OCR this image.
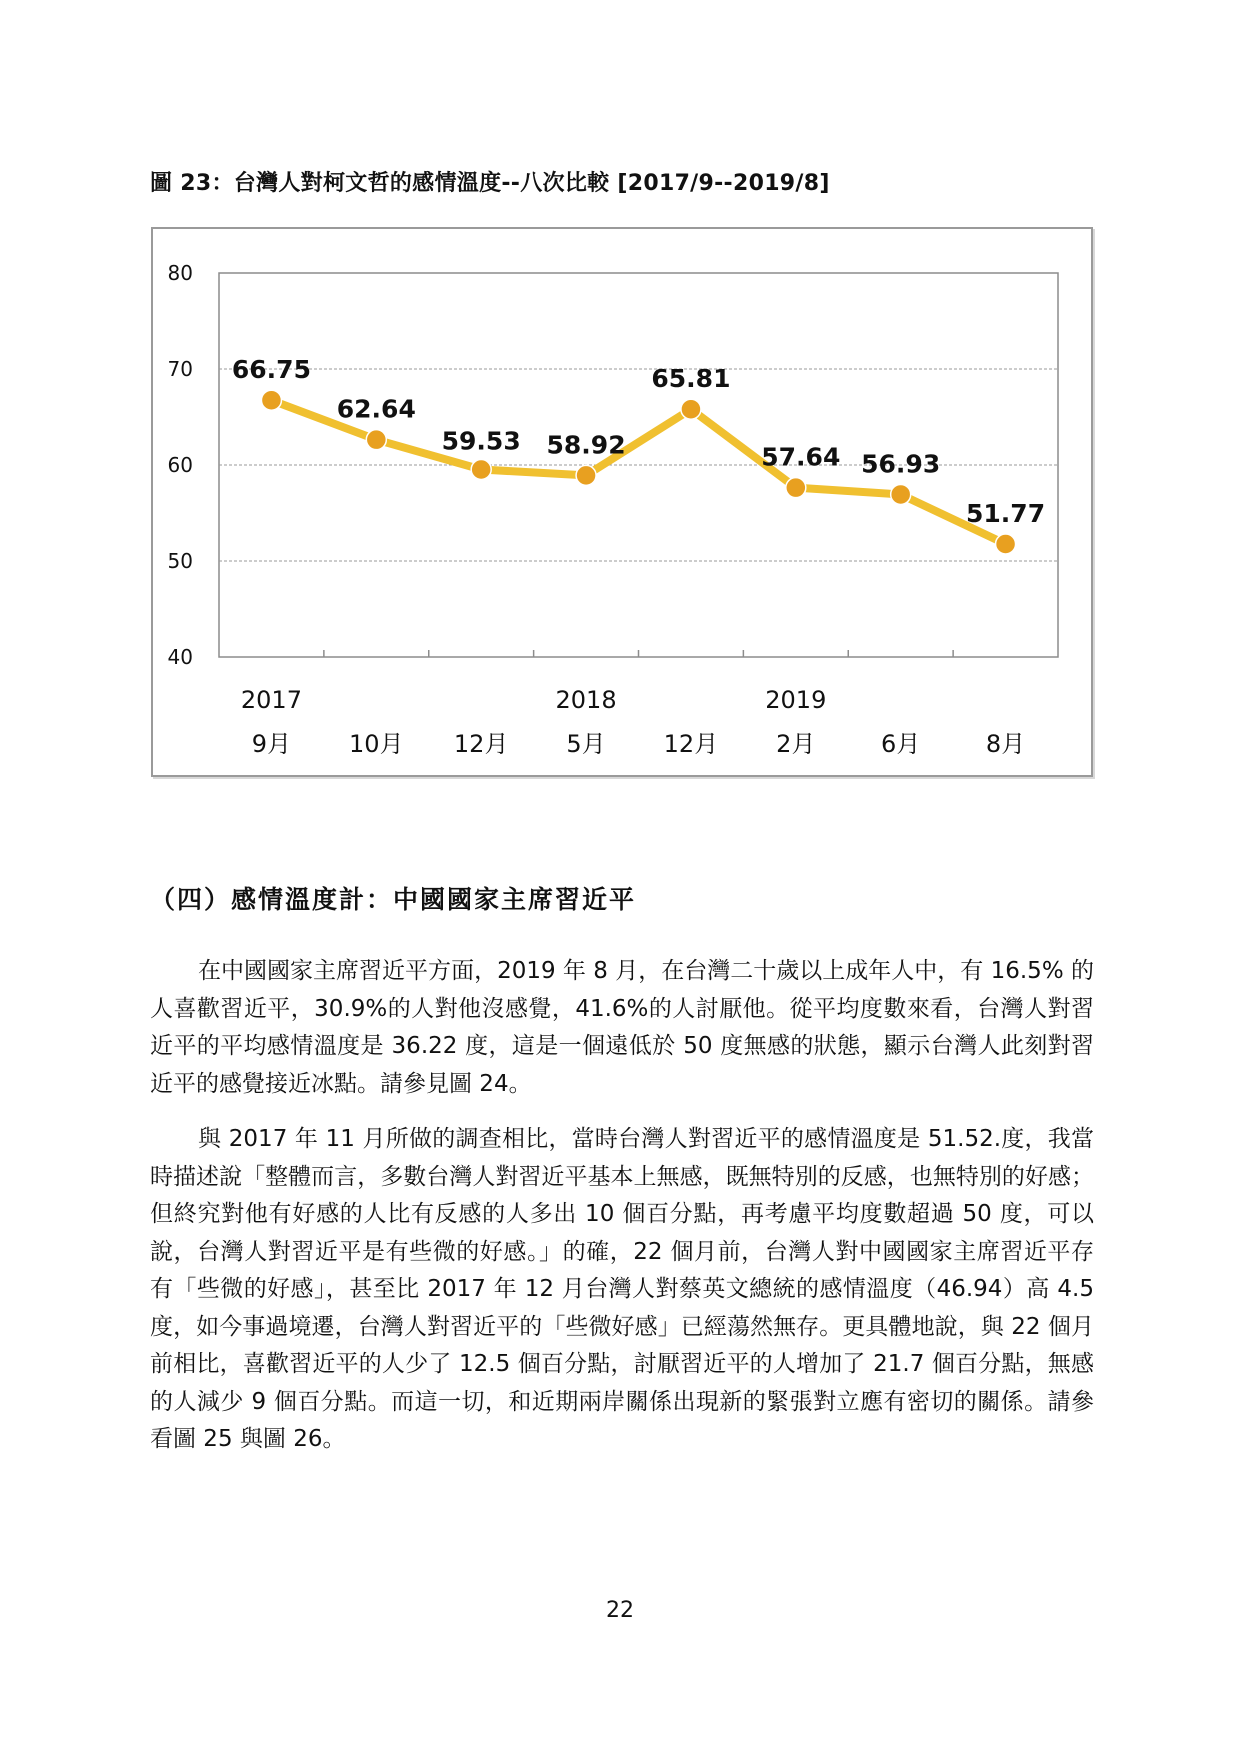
圖 23：台灣人對柯文哲的感情溫度--八次比較 [2017/9--2019/8]
40
50
60
70
80
9月
2017
10月 12月 5月
2018
12月 2月
2019
6月	8月
66.75
62.64
59.53 58.92
65.81
57.64 56.93
51.77
（四）感情溫度計：中國國家主席習近平

在中國國家主席習近平方面，2019 年 8 月，在台灣二十歲以上成年人中，有 16.5% 的人喜歡習近平，30.9%的人對他沒感覺，41.6%的人討厭他。從平均度數來看，台灣人對習近平的平均感情溫度是 36.22 度，這是一個遠低於 50 度無感的狀態，顯示台灣人此刻對習近平的感覺接近冰點。請參見圖 24。

與 2017 年 11 月所做的調查相比，當時台灣人對習近平的感情溫度是 51.52.度，我當時描述說「整體而言，多數台灣人對習近平基本上無感，既無特別的反感，也無特別的好感；但終究對他有好感的人比有反感的人多出 10 個百分點，再考慮平均度數超過 50 度，可以說，台灣人對習近平是有些微的好感。」的確，22 個月前，台灣人對中國國家主席習近平存有「些微的好感」，甚至比 2017 年 12 月台灣人對蔡英文總統的感情溫度（46.94）高 4.5 度，如今事過境遷，台灣人對習近平的「些微好感」已經蕩然無存。更具體地說，與 22 個月前相比，喜歡習近平的人少了 12.5 個百分點，討厭習近平的人增加了 21.7 個百分點，無感的人減少 9 個百分點。而這一切，和近期兩岸關係出現新的緊張對立應有密切的關係。請參看圖 25 與圖 26。

22
